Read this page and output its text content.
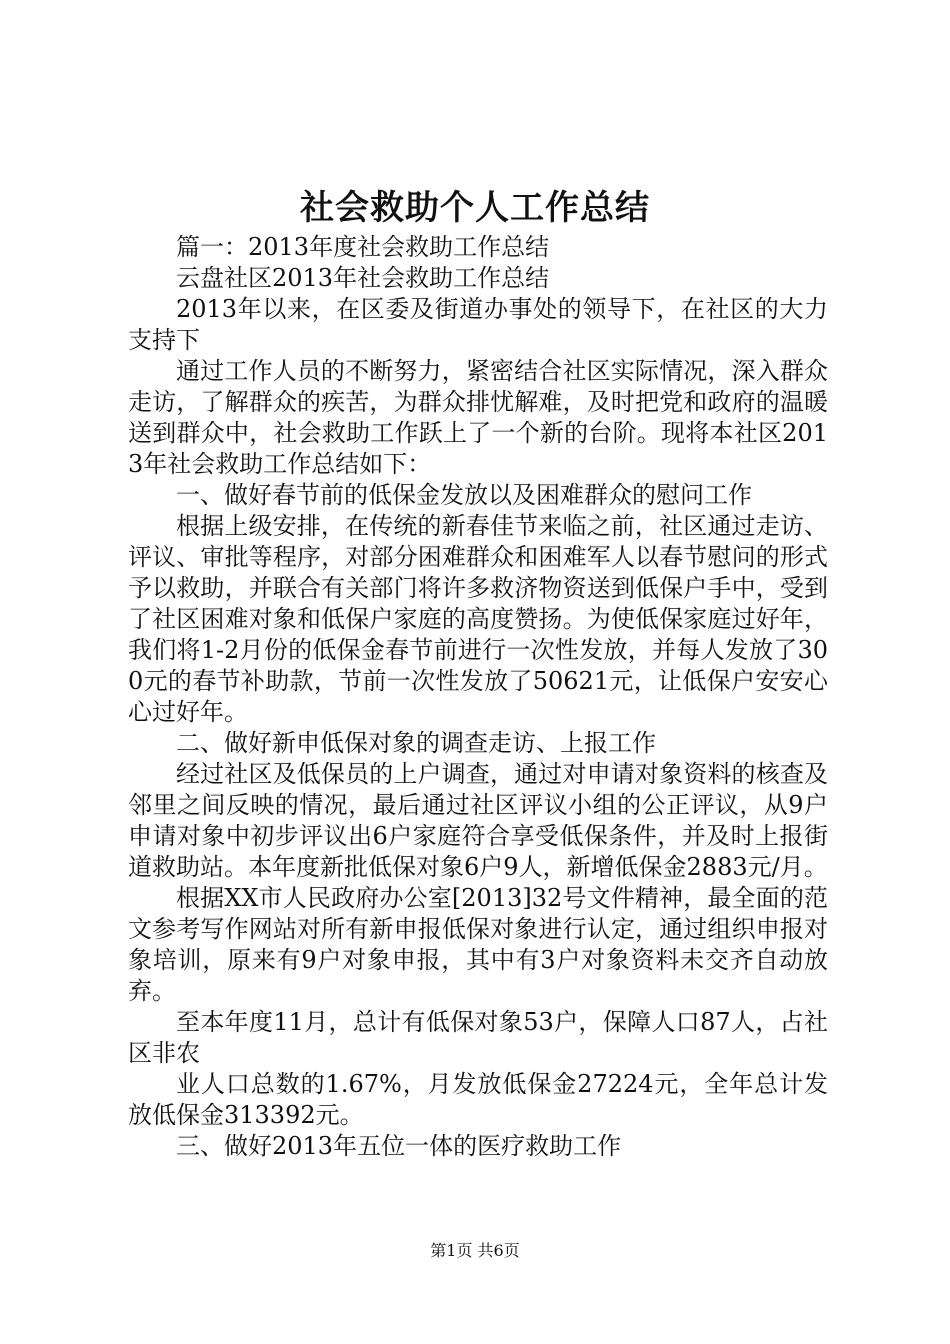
社会救助个人工作总结

篇一：2013年度社会救助工作总结

云盘社区2013年社会救助工作总结

2013年以来，在区委及街道办事处的领导下，在社区的大力支持下

通过工作人员的不断努力，紧密结合社区实际情况，深入群众走访，了解群众的疾苦，为群众排忧解难，及时把党和政府的温暖送到群众中，社会救助工作跃上了一个新的台阶。现将本社区2013年社会救助工作总结如下：

一、做好春节前的低保金发放以及困难群众的慰问工作

根据上级安排，在传统的新春佳节来临之前，社区通过走访、评议、审批等程序，对部分困难群众和困难军人以春节慰问的形式予以救助，并联合有关部门将许多救济物资送到低保户手中，受到了社区困难对象和低保户家庭的高度赞扬。为使低保家庭过好年，我们将1-2月份的低保金春节前进行一次性发放，并每人发放了300元的春节补助款，节前一次性发放了50621元，让低保户安安心心过好年。

二、做好新申低保对象的调查走访、上报工作

经过社区及低保员的上户调查，通过对申请对象资料的核查及邻里之间反映的情况，最后通过社区评议小组的公正评议，从9户申请对象中初步评议出6户家庭符合享受低保条件，并及时上报街道救助站。本年度新批低保对象6户9人，新增低保金2883元/月。

根据XX市人民政府办公室[2013]32号文件精神，最全面的范文参考写作网站对所有新申报低保对象进行认定，通过组织申报对象培训，原来有9户对象申报，其中有3户对象资料未交齐自动放弃。

至本年度11月，总计有低保对象53户，保障人口87人，占社区非农

业人口总数的1.67%，月发放低保金27224元，全年总计发放低保金313392元。

三、做好2013年五位一体的医疗救助工作

第1页 共6页
